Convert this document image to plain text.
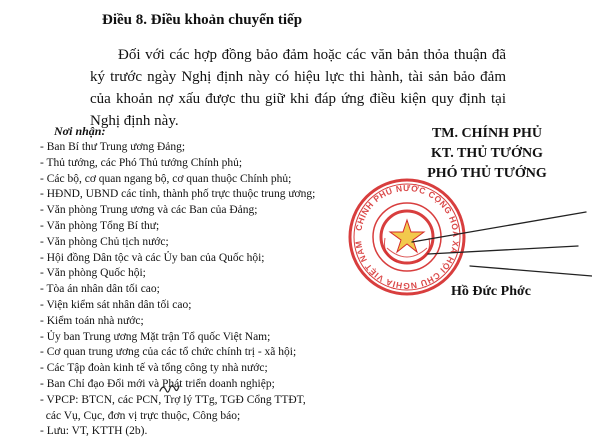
Điều 8. Điều khoản chuyển tiếp
Đối với các hợp đồng bảo đảm hoặc các văn bản thỏa thuận đã ký trước ngày Nghị định này có hiệu lực thi hành, tài sản bảo đảm của khoản nợ xấu được thu giữ khi đáp ứng điều kiện quy định tại Nghị định này.
Nơi nhận:
- Ban Bí thư Trung ương Đảng;
- Thủ tướng, các Phó Thủ tướng Chính phủ;
- Các bộ, cơ quan ngang bộ, cơ quan thuộc Chính phủ;
- HĐND, UBND các tỉnh, thành phố trực thuộc trung ương;
- Văn phòng Trung ương và các Ban của Đảng;
- Văn phòng Tổng Bí thư;
- Văn phòng Chủ tịch nước;
- Hội đồng Dân tộc và các Ủy ban của Quốc hội;
- Văn phòng Quốc hội;
- Tòa án nhân dân tối cao;
- Viện kiểm sát nhân dân tối cao;
- Kiểm toán nhà nước;
- Ủy ban Trung ương Mặt trận Tổ quốc Việt Nam;
- Cơ quan trung ương của các tổ chức chính trị - xã hội;
- Các Tập đoàn kinh tế và tổng công ty nhà nước;
- Ban Chỉ đạo Đổi mới và Phát triển doanh nghiệp;
- VPCP: BTCN, các PCN, Trợ lý TTg, TGĐ Cổng TTĐT,
các Vụ, Cục, đơn vị trực thuộc, Công báo;
- Lưu: VT, KTTH (2b).
TM. CHÍNH PHỦ
KT. THỦ TƯỚNG
PHÓ THỦ TƯỚNG
CHÍNH PHỦ NƯỚC CỘNG HÒA XÃ HỘI CHỦ NGHĨA VIỆT NAM
Hồ Đức Phớc
